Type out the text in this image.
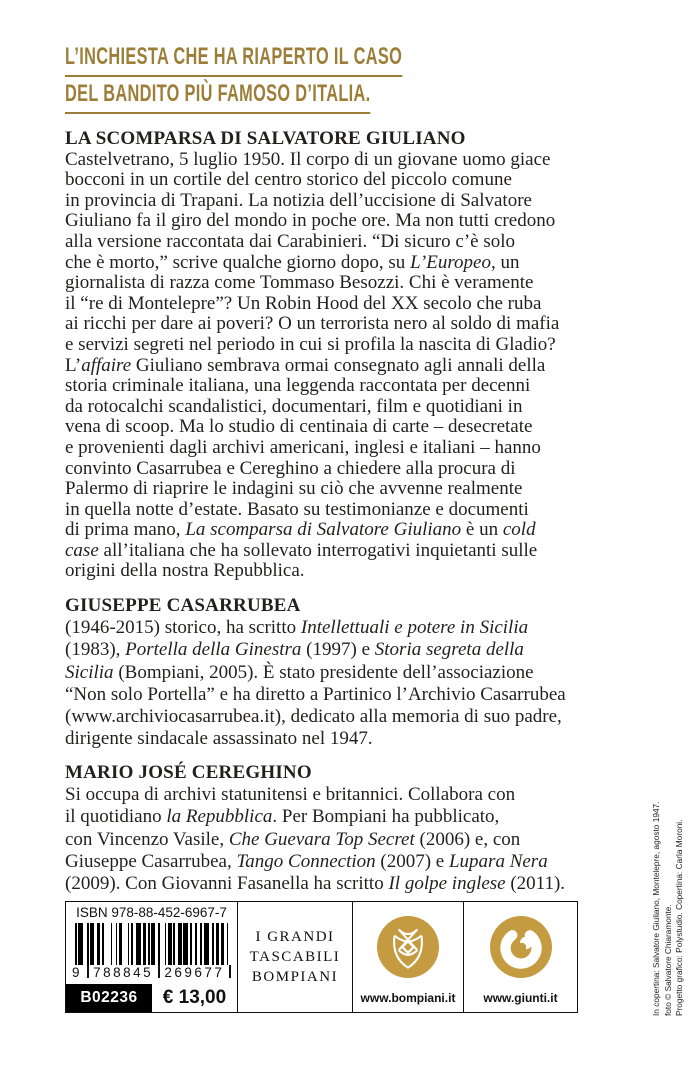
L’INCHIESTA CHE HA RIAPERTO IL CASO
DEL BANDITO PIÙ FAMOSO D’ITALIA.
LA SCOMPARSA DI SALVATORE GIULIANO
Castelvetrano, 5 luglio 1950. Il corpo di un giovane uomo giace
bocconi in un cortile del centro storico del piccolo comune
in provincia di Trapani. La notizia dell’uccisione di Salvatore
Giuliano fa il giro del mondo in poche ore. Ma non tutti credono
alla versione raccontata dai Carabinieri. “Di sicuro c’è solo
che è morto,” scrive qualche giorno dopo, su L’Europeo, un
giornalista di razza come Tommaso Besozzi. Chi è veramente
il “re di Montelepre”? Un Robin Hood del XX secolo che ruba
ai ricchi per dare ai poveri? O un terrorista nero al soldo di mafia
e servizi segreti nel periodo in cui si profila la nascita di Gladio?
L’affaire Giuliano sembrava ormai consegnato agli annali della
storia criminale italiana, una leggenda raccontata per decenni
da rotocalchi scandalistici, documentari, film e quotidiani in
vena di scoop. Ma lo studio di centinaia di carte – desecretate
e provenienti dagli archivi americani, inglesi e italiani – hanno
convinto Casarrubea e Cereghino a chiedere alla procura di
Palermo di riaprire le indagini su ciò che avvenne realmente
in quella notte d’estate. Basato su testimonianze e documenti
di prima mano, La scomparsa di Salvatore Giuliano è un cold
case all’italiana che ha sollevato interrogativi inquietanti sulle
origini della nostra Repubblica.
GIUSEPPE CASARRUBEA
(1946-2015) storico, ha scritto Intellettuali e potere in Sicilia
(1983), Portella della Ginestra (1997) e Storia segreta della
Sicilia (Bompiani, 2005). È stato presidente dell’associazione
“Non solo Portella” e ha diretto a Partinico l’Archivio Casarrubea
(www.archiviocasarrubea.it), dedicato alla memoria di suo padre,
dirigente sindacale assassinato nel 1947.
MARIO JOSÉ CEREGHINO
Si occupa di archivi statunitensi e britannici. Collabora con
il quotidiano la Repubblica. Per Bompiani ha pubblicato,
con Vincenzo Vasile, Che Guevara Top Secret (2006) e, con
Giuseppe Casarrubea, Tango Connection (2007) e Lupara Nera
(2009). Con Giovanni Fasanella ha scritto Il golpe inglese (2011).
ISBN 978-88-452-6967-7
9 788845 269677
B02236	€ 13,00
I GRANDI
TASCABILI
BOMPIANI
www.bompiani.it	www.giunti.it	In copertina: Salvatore Giuliano, Montelepre, agosto 1947. foto © Salvatore Chiaramonte. Progetto grafico: Polystudio. Copertina: Carla Moroni.
